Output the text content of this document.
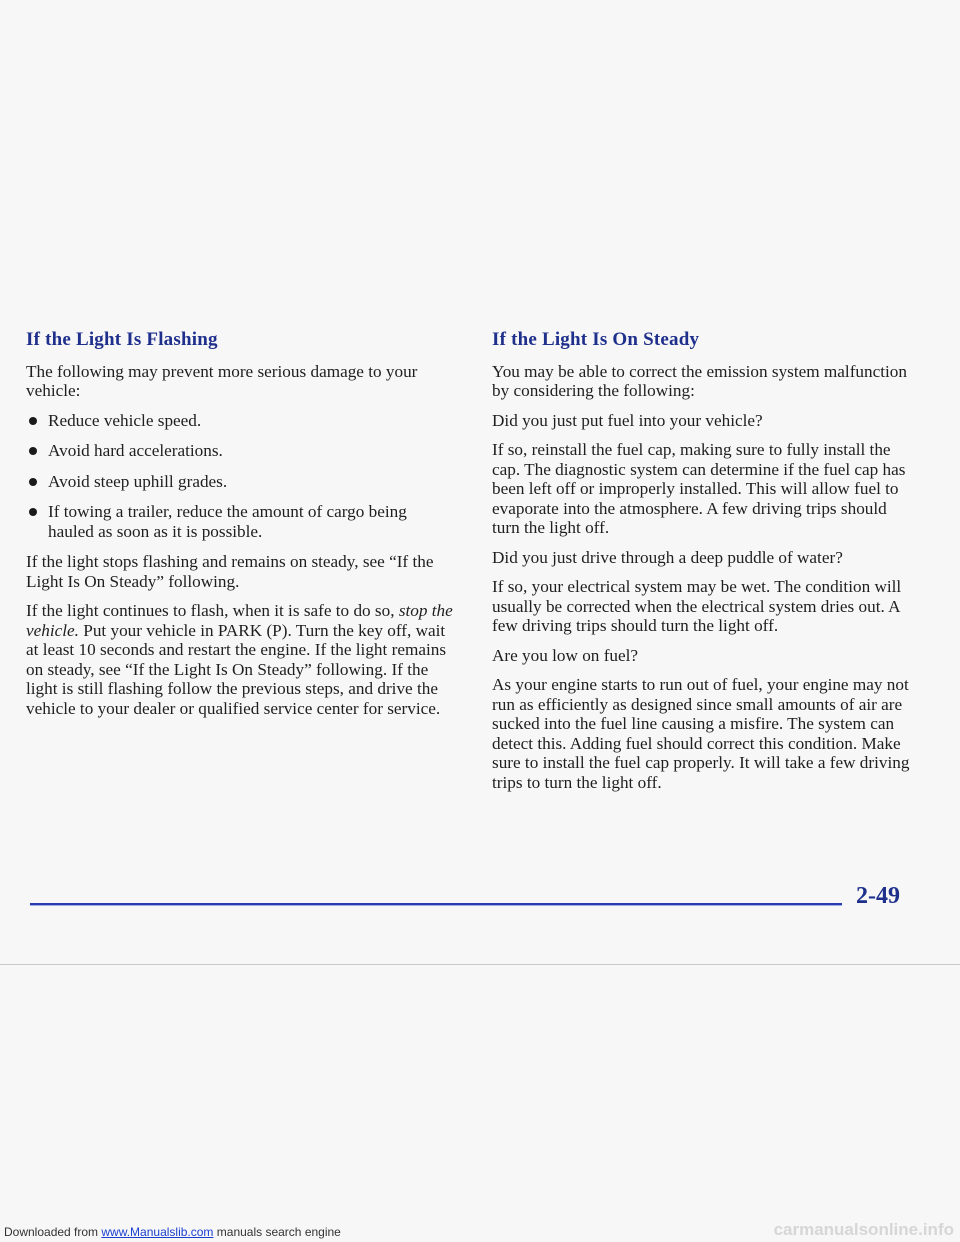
If the Light Is Flashing

The following may prevent more serious damage to your vehicle:

Reduce vehicle speed.
Avoid hard accelerations.
Avoid steep uphill grades.
If towing a trailer, reduce the amount of cargo being hauled as soon as it is possible.

If the light stops flashing and remains on steady, see “If the Light Is On Steady” following.

If the light continues to flash, when it is safe to do so, stop the vehicle. Put your vehicle in PARK (P). Turn the key off, wait at least 10 seconds and restart the engine. If the light remains on steady, see “If the Light Is On Steady” following. If the light is still flashing follow the previous steps, and drive the vehicle to your dealer or qualified service center for service.

If the Light Is On Steady

You may be able to correct the emission system malfunction by considering the following:

Did you just put fuel into your vehicle?

If so, reinstall the fuel cap, making sure to fully install the cap. The diagnostic system can determine if the fuel cap has been left off or improperly installed. This will allow fuel to evaporate into the atmosphere. A few driving trips should turn the light off.

Did you just drive through a deep puddle of water?

If so, your electrical system may be wet. The condition will usually be corrected when the electrical system dries out. A few driving trips should turn the light off.

Are you low on fuel?

As your engine starts to run out of fuel, your engine may not run as efficiently as designed since small amounts of air are sucked into the fuel line causing a misfire. The system can detect this. Adding fuel should correct this condition. Make sure to install the fuel cap properly. It will take a few driving trips to turn the light off.

2-49
Downloaded from www.Manualslib.com manuals search engine	carmanualsonline.info
